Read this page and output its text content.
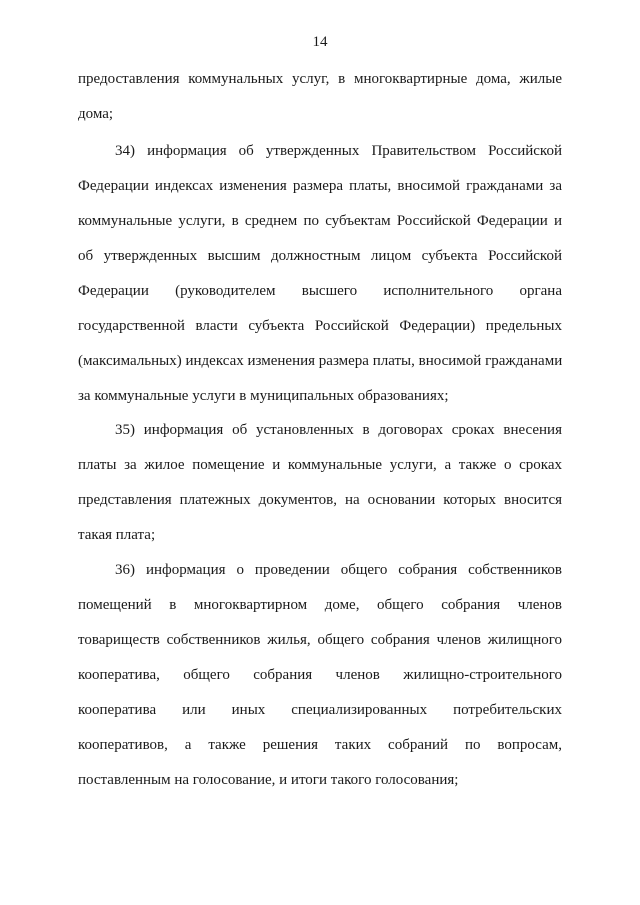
14
предоставления коммунальных услуг, в многоквартирные дома, жилые
дома;
34) информация об утвержденных Правительством Российской
Федерации индексах изменения размера платы, вносимой гражданами за
коммунальные услуги, в среднем по субъектам Российской Федерации и
об утвержденных высшим должностным лицом субъекта Российской
Федерации (руководителем высшего исполнительного органа
государственной власти субъекта Российской Федерации) предельных
(максимальных) индексах изменения размера платы, вносимой гражданами
за коммунальные услуги в муниципальных образованиях;
35) информация об установленных в договорах сроках внесения
платы за жилое помещение и коммунальные услуги, а также о сроках
представления платежных документов, на основании которых вносится
такая плата;
36) информация о проведении общего собрания собственников
помещений в многоквартирном доме, общего собрания членов
товариществ собственников жилья, общего собрания членов жилищного
кооператива, общего собрания членов жилищно-строительного
кооператива или иных специализированных потребительских
кооперативов, а также решения таких собраний по вопросам,
поставленным на голосование, и итоги такого голосования;
